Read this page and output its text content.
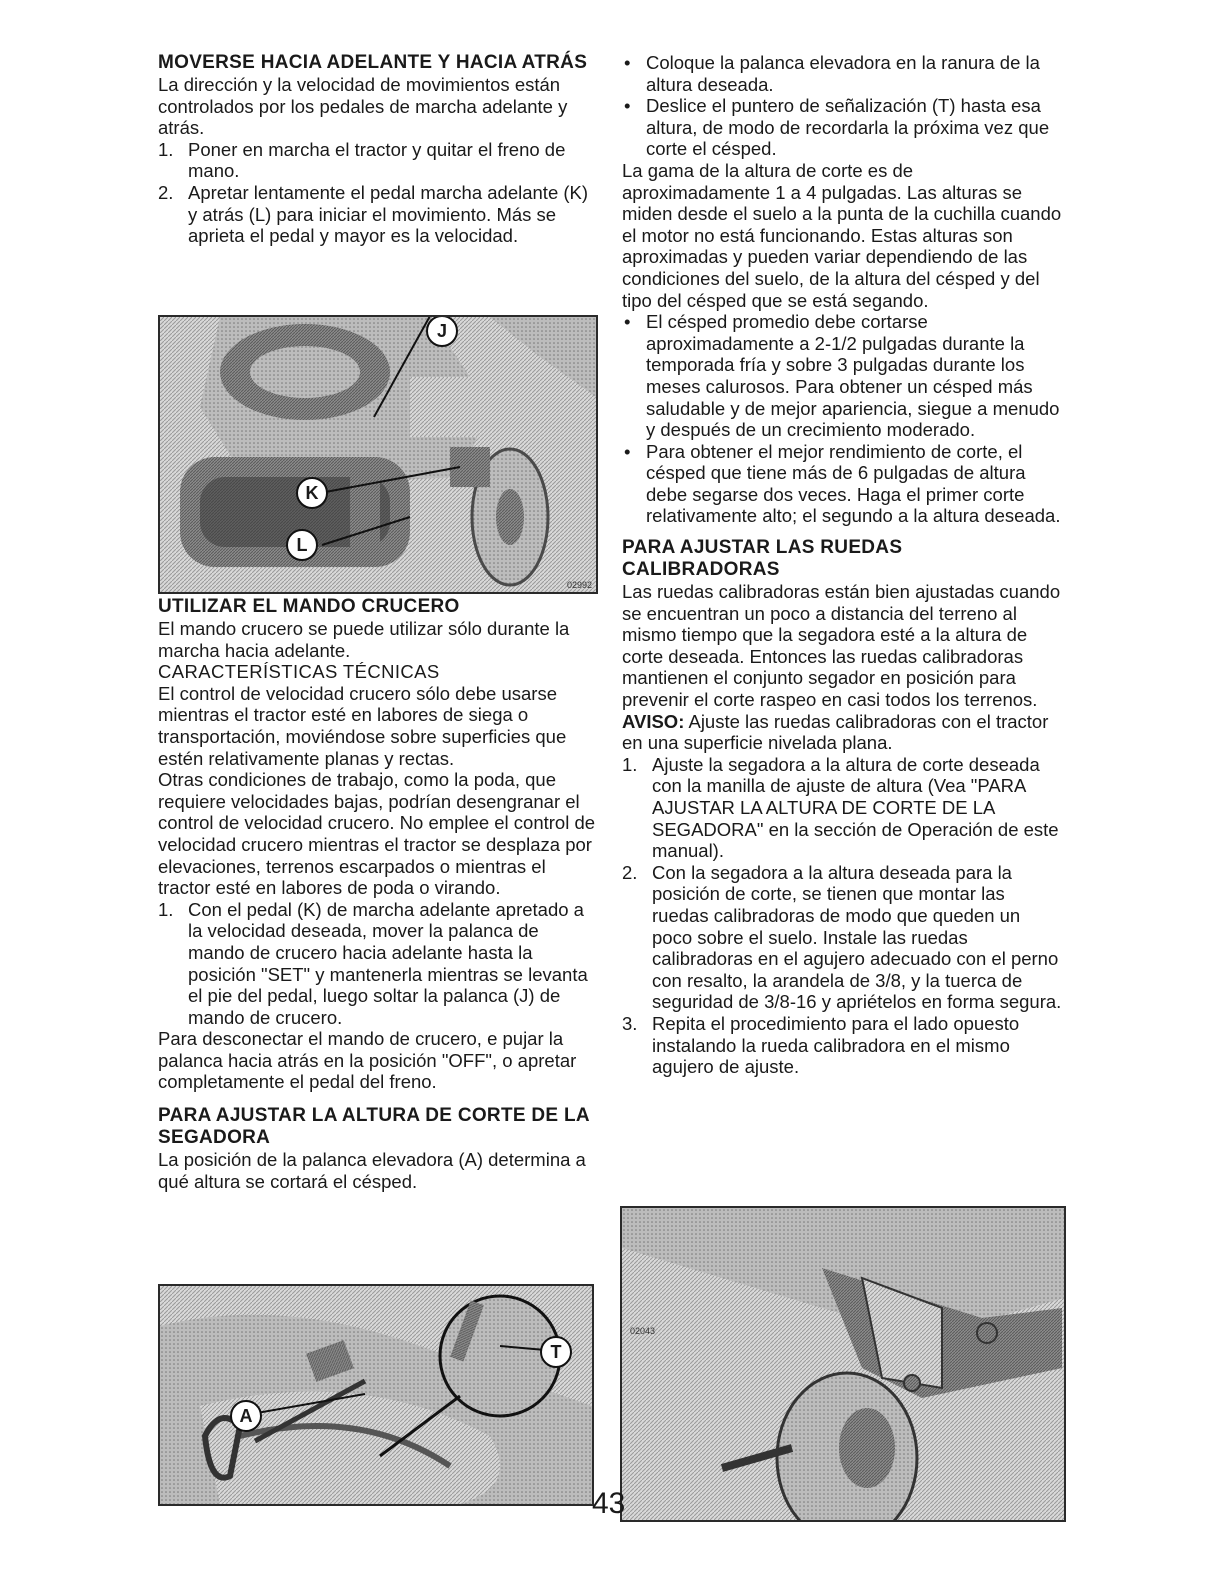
MOVERSE HACIA ADELANTE Y HACIA ATRÁS

La dirección y la velocidad de movimientos están controlados por los pedales de marcha adelante y atrás.

1. Poner en marcha el tractor y quitar el freno de mano.
2. Apretar lentamente el pedal marcha adelante (K) y atrás (L) para iniciar el movimiento. Más se aprieta el pedal y mayor es la velocidad.
J
K
L
02992
UTILIZAR EL MANDO CRUCERO

El mando crucero se puede utilizar sólo durante la marcha hacia adelante.

CARACTERÍSTICAS TÉCNICAS

El control de velocidad crucero sólo debe usarse mientras el tractor esté en labores de siega o transportación, moviéndose sobre superficies que estén relativamente planas y rectas.

Otras condiciones de trabajo, como la poda, que requiere velocidades bajas, podrían desengranar el control de velocidad crucero. No emplee el control de velocidad crucero mientras el tractor se desplaza por elevaciones, terrenos escarpados o mientras el tractor esté en labores de poda o virando.

1. Con el pedal (K) de marcha adelante apretado a la velocidad deseada, mover la palanca de mando de crucero hacia adelante hasta la posición "SET" y mantenerla mientras se levanta el pie del pedal, luego soltar la palanca (J) de mando de crucero.

Para desconectar el mando de crucero, e pujar la palanca hacia atrás en la posición "OFF", o apretar completamente el pedal del freno.

PARA AJUSTAR LA ALTURA DE CORTE DE LA SEGADORA

La posición de la palanca elevadora (A) determina a qué altura se cortará el césped.

A
T
• Coloque la palanca elevadora en la ranura de la altura deseada.
• Deslice el puntero de señalización (T) hasta esa altura, de modo de recordarla la próxima vez que corte el césped.

La gama de la altura de corte es de aproximadamente 1 a 4 pulgadas. Las alturas se miden desde el suelo a la punta de la cuchilla cuando el motor no está funcionando. Estas alturas son aproximadas y pueden variar dependiendo de las condiciones del suelo, de la altura del césped y del tipo del césped que se está segando.

• El césped promedio debe cortarse aproximadamente a 2-1/2 pulgadas durante la temporada fría y sobre 3 pulgadas durante los meses calurosos. Para obtener un césped más saludable y de mejor apariencia, siegue a menudo y después de un crecimiento moderado.
• Para obtener el mejor rendimiento de corte, el césped que tiene más de 6 pulgadas de altura debe segarse dos veces. Haga el primer corte relativamente alto; el segundo a la altura deseada.
PARA AJUSTAR LAS RUEDAS CALIBRADORAS

Las ruedas calibradoras están bien ajustadas cuando se encuentran un poco a distancia del terreno al mismo tiempo que la segadora esté a la altura de corte deseada. Entonces las ruedas calibradoras mantienen el conjunto segador en posición para prevenir el corte raspeo en casi todos los terrenos.

AVISO: Ajuste las ruedas calibradoras con el tractor en una superficie nivelada plana.

1. Ajuste la segadora a la altura de corte deseada con la manilla de ajuste de altura (Vea "PARA AJUSTAR LA ALTURA DE CORTE DE LA SEGADORA" en la sección de Operación de este manual).
2. Con la segadora a la altura deseada para la posición de corte, se tienen que montar las ruedas calibradoras de modo que queden un poco sobre el suelo. Instale las ruedas calibradoras en el agujero adecuado con el perno con resalto, la arandela de 3/8, y la tuerca de seguridad de 3/8-16 y apriételos en forma segura.
3. Repita el procedimiento para el lado opuesto instalando la rueda calibradora en el mismo agujero de ajuste.
02043
43
